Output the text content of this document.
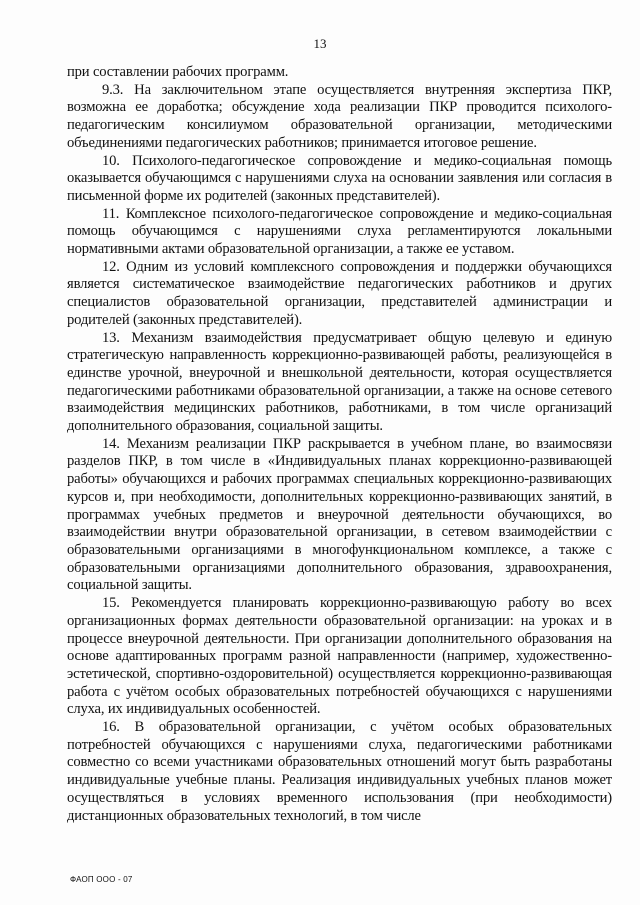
13

при составлении рабочих программ.

9.3. На заключительном этапе осуществляется внутренняя экспертиза ПКР, возможна ее доработка; обсуждение хода реализации ПКР проводится психолого-педагогическим консилиумом образовательной организации, методическими объединениями педагогических работников; принимается итоговое решение.

10. Психолого-педагогическое сопровождение и медико-социальная помощь оказывается обучающимся с нарушениями слуха на основании заявления или согласия в письменной форме их родителей (законных представителей).

11. Комплексное психолого-педагогическое сопровождение и медико-социальная помощь обучающимся с нарушениями слуха регламентируются локальными нормативными актами образовательной организации, а также ее уставом.

12. Одним из условий комплексного сопровождения и поддержки обучающихся является систематическое взаимодействие педагогических работников и других специалистов образовательной организации, представителей администрации и родителей (законных представителей).

13. Механизм взаимодействия предусматривает общую целевую и единую стратегическую направленность коррекционно-развивающей работы, реализующейся в единстве урочной, внеурочной и внешкольной деятельности, которая осуществляется педагогическими работниками образовательной организации, а также на основе сетевого взаимодействия медицинских работников, работниками, в том числе организаций дополнительного образования, социальной защиты.

14. Механизм реализации ПКР раскрывается в учебном плане, во взаимосвязи разделов ПКР, в том числе в «Индивидуальных планах коррекционно-развивающей работы» обучающихся и рабочих программах специальных коррекционно-развивающих курсов и, при необходимости, дополнительных коррекционно-развивающих занятий, в программах учебных предметов и внеурочной деятельности обучающихся, во взаимодействии внутри образовательной организации, в сетевом взаимодействии с образовательными организациями в многофункциональном комплексе, а также с образовательными организациями дополнительного образования, здравоохранения, социальной защиты.

15. Рекомендуется планировать коррекционно-развивающую работу во всех организационных формах деятельности образовательной организации: на уроках и в процессе внеурочной деятельности. При организации дополнительного образования на основе адаптированных программ разной направленности (например, художественно-эстетической, спортивно-оздоровительной) осуществляется коррекционно-развивающая работа с учётом особых образовательных потребностей обучающихся с нарушениями слуха, их индивидуальных особенностей.

16. В образовательной организации, с учётом особых образовательных потребностей обучающихся с нарушениями слуха, педагогическими работниками совместно со всеми участниками образовательных отношений могут быть разработаны индивидуальные учебные планы. Реализация индивидуальных учебных планов может осуществляться в условиях временного использования (при необходимости) дистанционных образовательных технологий, в том числе

ФАОП ООО - 07
